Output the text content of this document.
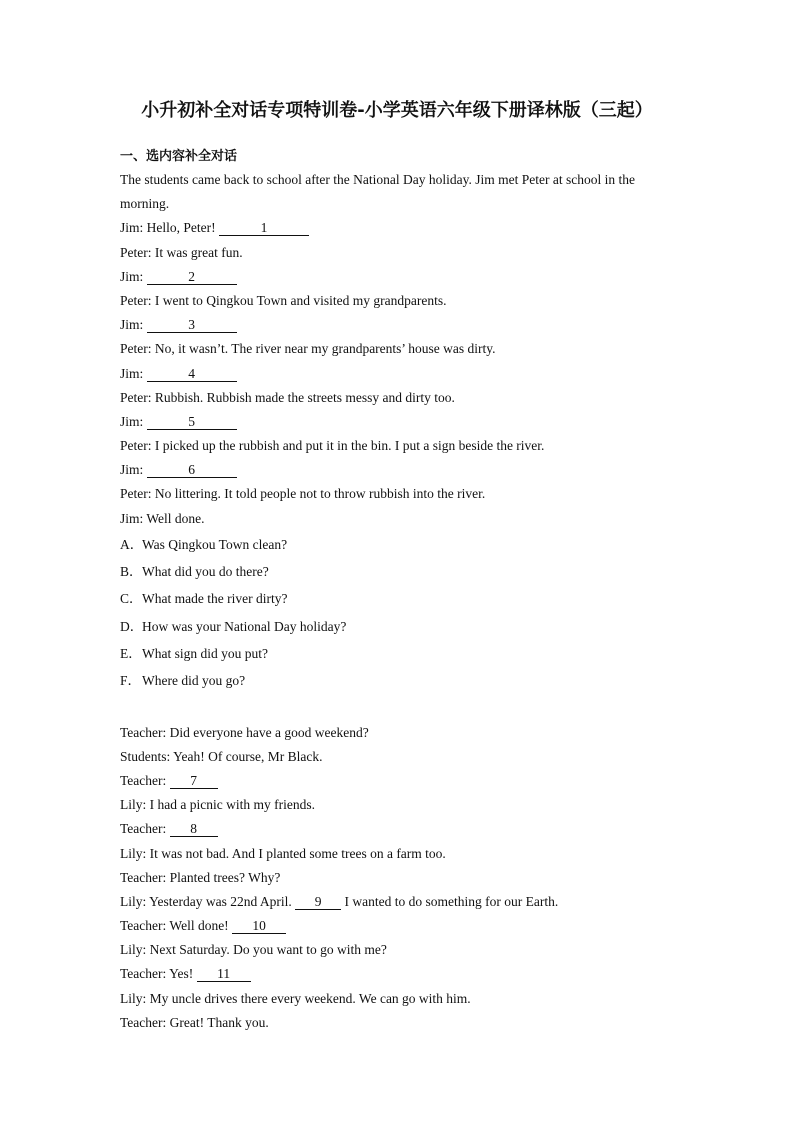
小升初补全对话专项特训卷-小学英语六年级下册译林版（三起）
一、选内容补全对话
The students came back to school after the National Day holiday. Jim met Peter at school in the
morning.
Jim: Hello, Peter!	1
Peter: It was great fun.
Jim:	2
Peter: I went to Qingkou Town and visited my grandparents.
Jim:	3
Peter: No, it wasn’t. The river near my grandparents’ house was dirty.
Jim:	4
Peter: Rubbish. Rubbish made the streets messy and dirty too.
Jim:	5
Peter: I picked up the rubbish and put it in the bin. I put a sign beside the river.
Jim:	6
Peter: No littering. It told people not to throw rubbish into the river.
Jim: Well done.
A．Was Qingkou Town clean?
B．What did you do there?
C．What made the river dirty?
D．How was your National Day holiday?
E．What sign did you put?
F．Where did you go?
Teacher: Did everyone have a good weekend?
Students: Yeah! Of course, Mr Black.
Teacher: 7
Lily: I had a picnic with my friends.
Teacher: 8
Lily: It was not bad. And I planted some trees on a farm too.
Teacher: Planted trees? Why?
Lily: Yesterday was 22nd April. 9 I wanted to do something for our Earth.
Teacher: Well done! 10
Lily: Next Saturday. Do you want to go with me?
Teacher: Yes! 11
Lily: My uncle drives there every weekend. We can go with him.
Teacher: Great! Thank you.
